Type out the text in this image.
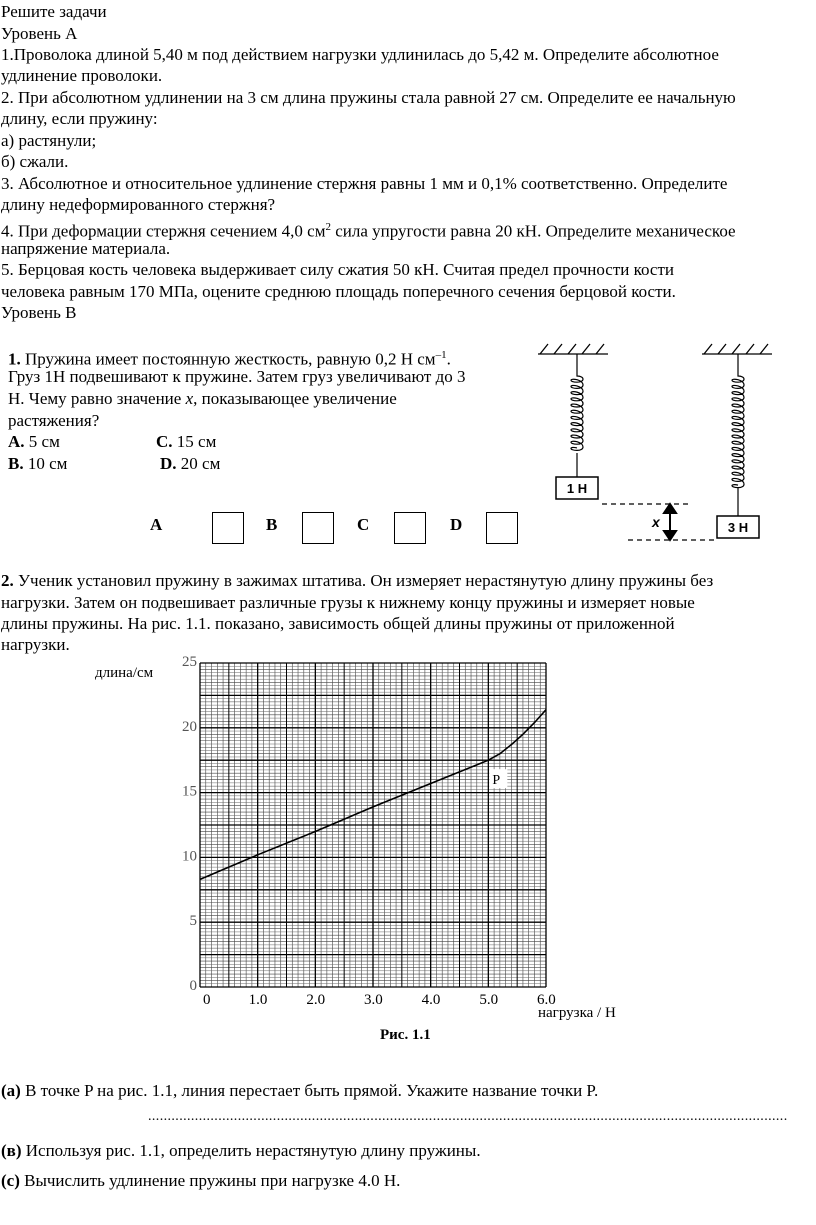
Решите задачи
Уровень А
1.Проволока длиной 5,40 м под действием нагрузки удлинилась до 5,42 м. Определите абсолютное
удлинение проволоки.
2. При абсолютном удлинении на 3 см длина пружины стала равной 27 см. Определите ее начальную
длину, если пружину:
а) растянули;
б) сжали.
3. Абсолютное и относительное удлинение стержня равны 1 мм и 0,1% соответственно. Определите
длину недеформированного стержня?
4. При деформации стержня сечением 4,0 $см^2$ сила упругости равна 20 кН. Определите механическое
напряжение материала.
5. Берцовая кость человека выдерживает силу сжатия 50 кН. Считая предел прочности кости
человека равным 170 МПа, оцените среднюю площадь поперечного сечения берцовой кости.
Уровень В
1. Пружина имеет постоянную жесткость, равную 0,2 Н $см^{-1}$.
Груз 1Н подвешивают к пружине. Затем груз увеличивают до 3
Н. Чему равно значение x, показывающее увеличение
растяжения?
A. 5 см	C. 15 см
B. 10 см	D. 20 см
A	B	C	D
1 Н
3 Н
x
2. Ученик установил пружину в зажимах штатива. Он измеряет нерастянутую длину пружины без
нагрузки. Затем он подвешивает различные грузы к нижнему концу пружины и измеряет новые
длины пружины. На рис. 1.1. показано, зависимость общей длины пружины от приложенной
нагрузки.
0
5
10
15
20
25
0	1.0	2.0	3.0	4.0	5.0	6.0
P
длина/см
нагрузка / Н
Рис. 1.1
(a) В точке P на рис. 1.1, линия перестает быть прямой. Укажите название точки P.
....................................................................................................................................................................
(в) Используя рис. 1.1, определить нерастянутую длину пружины.
(c) Вычислить удлинение пружины при нагрузке 4.0 Н.
